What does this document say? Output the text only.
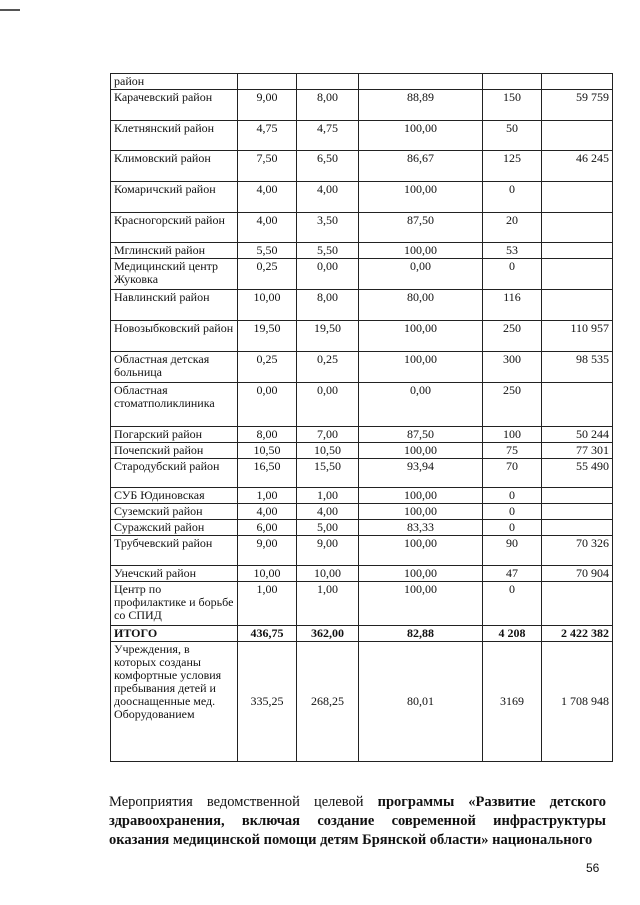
район					
Карачевский район	9,00	8,00	88,89	150	59 759
Клетнянский район	4,75	4,75	100,00	50	
Климовский район	7,50	6,50	86,67	125	46 245
Комаричский район	4,00	4,00	100,00	0	
Красногорский район	4,00	3,50	87,50	20	
Мглинский район	5,50	5,50	100,00	53	
Медицинский центр Жуковка	0,25	0,00	0,00	0	
Навлинский район	10,00	8,00	80,00	116	
Новозыбковский район	19,50	19,50	100,00	250	110 957
Областная детская больница	0,25	0,25	100,00	300	98 535
Областная стоматполиклиника	0,00	0,00	0,00	250	
Погарский район	8,00	7,00	87,50	100	50 244
Почепский район	10,50	10,50	100,00	75	77 301
Стародубский район	16,50	15,50	93,94	70	55 490
СУБ Юдиновская	1,00	1,00	100,00	0	
Суземский район	4,00	4,00	100,00	0	
Суражский район	6,00	5,00	83,33	0	
Трубчевский район	9,00	9,00	100,00	90	70 326
Унечский район	10,00	10,00	100,00	47	70 904
Центр по профилактике и борьбе со СПИД	1,00	1,00	100,00	0	
ИТОГО	436,75	362,00	82,88	4 208	2 422 382
Учреждения, в которых созданы комфортные условия пребывания детей и дооснащенные мед. Оборудованием	335,25	268,25	80,01	3169	1 708 948
Мероприятия ведомственной целевой программы «Развитие детского здравоохранения, включая создание современной инфраструктуры оказания медицинской помощи детям Брянской области» национального
56
